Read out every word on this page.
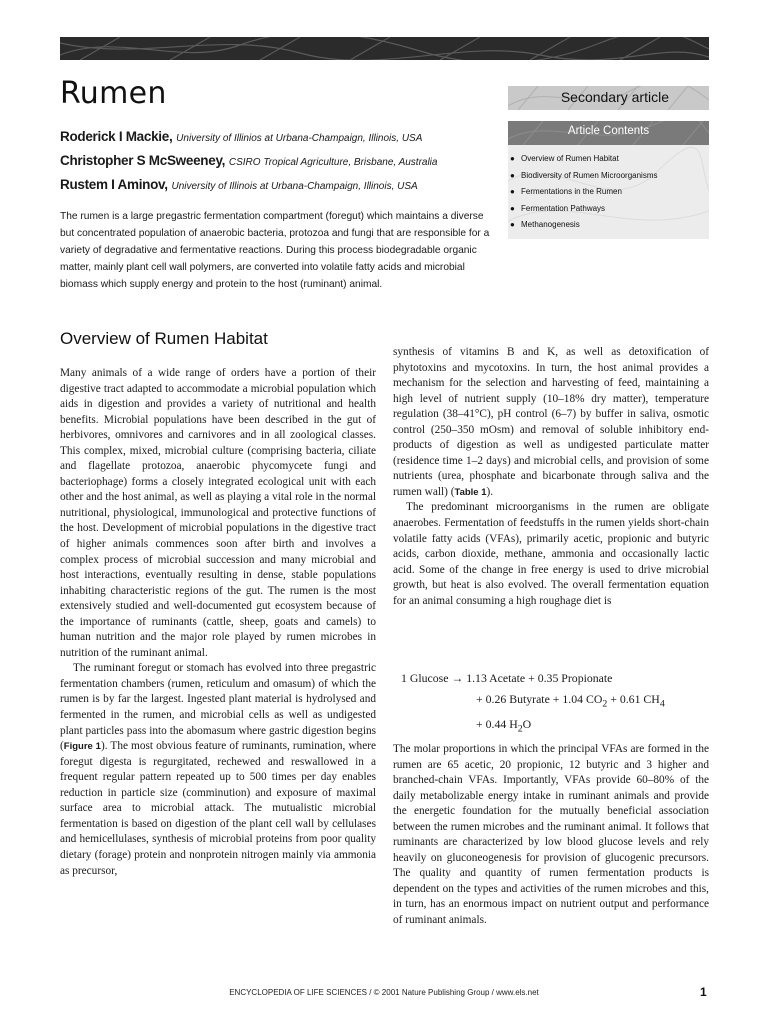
Rumen	Secondary article
Roderick I Mackie, University of Illinios at Urbana-Champaign, Illinois, USA
Christopher S McSweeney, CSIRO Tropical Agriculture, Brisbane, Australia
Rustem I Aminov, University of Illinois at Urbana-Champaign, Illinois, USA
Article Contents
● Overview of Rumen Habitat
● Biodiversity of Rumen Microorganisms
● Fermentations in the Rumen
● Fermentation Pathways
● Methanogenesis

The rumen is a large pregastric fermentation compartment (foregut) which maintains a diverse but concentrated population of anaerobic bacteria, protozoa and fungi that are responsible for a variety of degradative and fermentative reactions. During this process biodegradable organic matter, mainly plant cell wall polymers, are converted into volatile fatty acids and microbial biomass which supply energy and protein to the host (ruminant) animal.

Overview of Rumen Habitat

Many animals of a wide range of orders have a portion of their digestive tract adapted to accommodate a microbial population which aids in digestion and provides a variety of nutritional and health benefits. Microbial populations have been described in the gut of herbivores, omnivores and carnivores and in all zoological classes. This complex, mixed, microbial culture (comprising bacteria, ciliate and flagellate protozoa, anaerobic phycomycete fungi and bacteriophage) forms a closely integrated ecological unit with each other and the host animal, as well as playing a vital role in the normal nutritional, physiological, immunological and protective functions of the host. Development of microbial populations in the digestive tract of higher animals commences soon after birth and involves a complex process of microbial succession and many microbial and host interactions, eventually resulting in dense, stable populations inhabiting characteristic regions of the gut. The rumen is the most extensively studied and well-documented gut ecosystem because of the importance of ruminants (cattle, sheep, goats and camels) to human nutrition and the major role played by rumen microbes in nutrition of the ruminant animal.

The ruminant foregut or stomach has evolved into three pregastric fermentation chambers (rumen, reticulum and omasum) of which the rumen is by far the largest. Ingested plant material is hydrolysed and fermented in the rumen, and microbial cells as well as undigested plant particles pass into the abomasum where gastric digestion begins (Figure 1). The most obvious feature of ruminants, rumination, where foregut digesta is regurgitated, rechewed and reswallowed in a frequent regular pattern repeated up to 500 times per day enables reduction in particle size (comminution) and exposure of maximal surface area to microbial attack. The mutualistic microbial fermentation is based on digestion of the plant cell wall by cellulases and hemicellulases, synthesis of microbial proteins from poor quality dietary (forage) protein and nonprotein nitrogen mainly via ammonia as precursor,

synthesis of vitamins B and K, as well as detoxification of phytotoxins and mycotoxins. In turn, the host animal provides a mechanism for the selection and harvesting of feed, maintaining a high level of nutrient supply (10–18% dry matter), temperature regulation (38–41°C), pH control (6–7) by buffer in saliva, osmotic control (250–350 mOsm) and removal of soluble inhibitory end-products of digestion as well as undigested particulate matter (residence time 1–2 days) and microbial cells, and provision of some nutrients (urea, phosphate and bicarbonate through saliva and the rumen wall) (Table 1).

The predominant microorganisms in the rumen are obligate anaerobes. Fermentation of feedstuffs in the rumen yields short-chain volatile fatty acids (VFAs), primarily acetic, propionic and butyric acids, carbon dioxide, methane, ammonia and occasionally lactic acid. Some of the change in free energy is used to drive microbial growth, but heat is also evolved. The overall fermentation equation for an animal consuming a high roughage diet is

1 Glucose → 1.13 Acetate + 0.35 Propionate
+ 0.26 Butyrate + 1.04 $CO_2 + 0.61$ $CH_4$
+ 0.44 $H_2O$

The molar proportions in which the principal VFAs are formed in the rumen are 65 acetic, 20 propionic, 12 butyric and 3 higher and branched-chain VFAs. Importantly, VFAs provide 60–80% of the daily metabolizable energy intake in ruminant animals and provide the energetic foundation for the mutually beneficial association between the rumen microbes and the ruminant animal. It follows that ruminants are characterized by low blood glucose levels and rely heavily on gluconeogenesis for provision of glucogenic precursors. The quality and quantity of rumen fermentation products is dependent on the types and activities of the rumen microbes and this, in turn, has an enormous impact on nutrient output and performance of ruminant animals.

ENCYCLOPEDIA OF LIFE SCIENCES / © 2001 Nature Publishing Group / www.els.net	1
